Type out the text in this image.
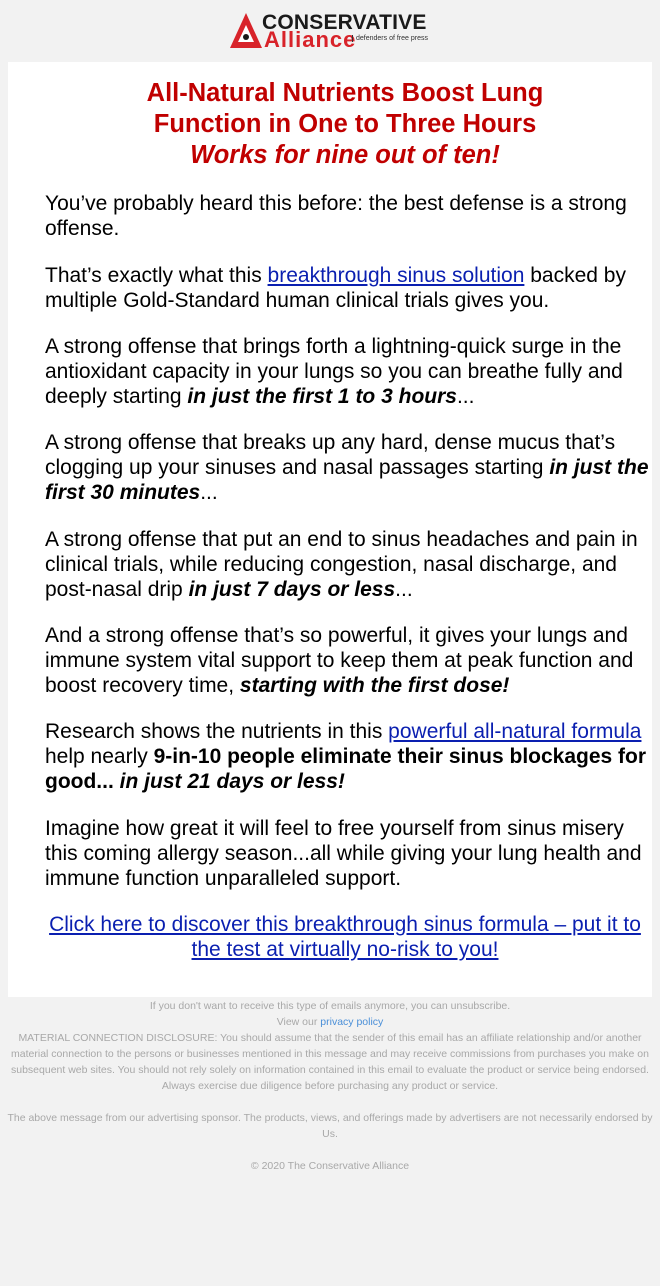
CONSERVATIVE
Alliance defenders of free press
All-Natural Nutrients Boost Lung
Function in One to Three Hours
Works for nine out of ten!
You’ve probably heard this before: the best defense is a strong offense.
That’s exactly what this breakthrough sinus solution backed by multiple Gold-Standard human clinical trials gives you.
A strong offense that brings forth a lightning-quick surge in the antioxidant capacity in your lungs so you can breathe fully and deeply starting in just the first 1 to 3 hours...
A strong offense that breaks up any hard, dense mucus that’s clogging up your sinuses and nasal passages starting in just the first 30 minutes...
A strong offense that put an end to sinus headaches and pain in clinical trials, while reducing congestion, nasal discharge, and post-nasal drip in just 7 days or less...
And a strong offense that’s so powerful, it gives your lungs and immune system vital support to keep them at peak function and boost recovery time, starting with the first dose!
Research shows the nutrients in this powerful all-natural formula help nearly 9-in-10 people eliminate their sinus blockages for good... in just 21 days or less!
Imagine how great it will feel to free yourself from sinus misery this coming allergy season...all while giving your lung health and immune function unparalleled support.
Click here to discover this breakthrough sinus formula – put it to the test at virtually no-risk to you!
If you don't want to receive this type of emails anymore, you can unsubscribe.
View our privacy policy
MATERIAL CONNECTION DISCLOSURE: You should assume that the sender of this email has an affiliate relationship and/or another material connection to the persons or businesses mentioned in this message and may receive commissions from purchases you make on subsequent web sites. You should not rely solely on information contained in this email to evaluate the product or service being endorsed. Always exercise due diligence before purchasing any product or service.
The above message from our advertising sponsor. The products, views, and offerings made by advertisers are not necessarily endorsed by Us.
© 2020 The Conservative Alliance
